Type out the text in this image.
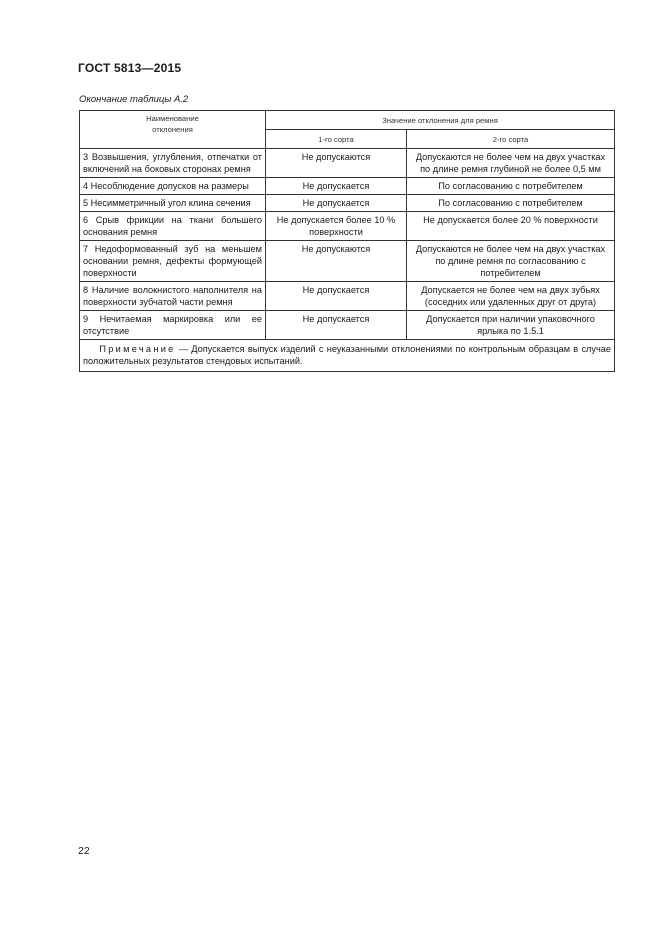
ГОСТ 5813—2015
Окончание таблицы А.2
Наименование
отклонения	Значение отклонения для ремня	
	1-го сорта	2-го сорта
3 Возвышения, углубления, отпечатки от включений на боковых сторонах ремня	Не допускаются	Допускаются не более чем на двух участках по длине ремня глубиной не более 0,5 мм
4 Несоблюдение допусков на размеры	Не допускается	По согласованию с потребителем
5 Несимметричный угол клина сечения	Не допускается	По согласованию с потребителем
6 Срыв фрикции на ткани большего основания ремня	Не допускается более 10 % поверхности	Не допускается более 20 % поверхности
7 Недоформованный зуб на меньшем основании ремня, дефекты формующей поверхности	Не допускаются	Допускаются не более чем на двух участках по длине ремня по согласованию с потребителем
8 Наличие волокнистого наполнителя на поверхности зубчатой части ремня	Не допускается	Допускается не более чем на двух зубьях (соседних или удаленных друг от друга)
9 Нечитаемая маркировка или ее отсутствие	Не допускается	Допускается при наличии упаковочного ярлыка по 1.5.1
Примечание — Допускается выпуск изделий с неуказанными отклонениями по контрольным образцам в случае положительных результатов стендовых испытаний.		
22
